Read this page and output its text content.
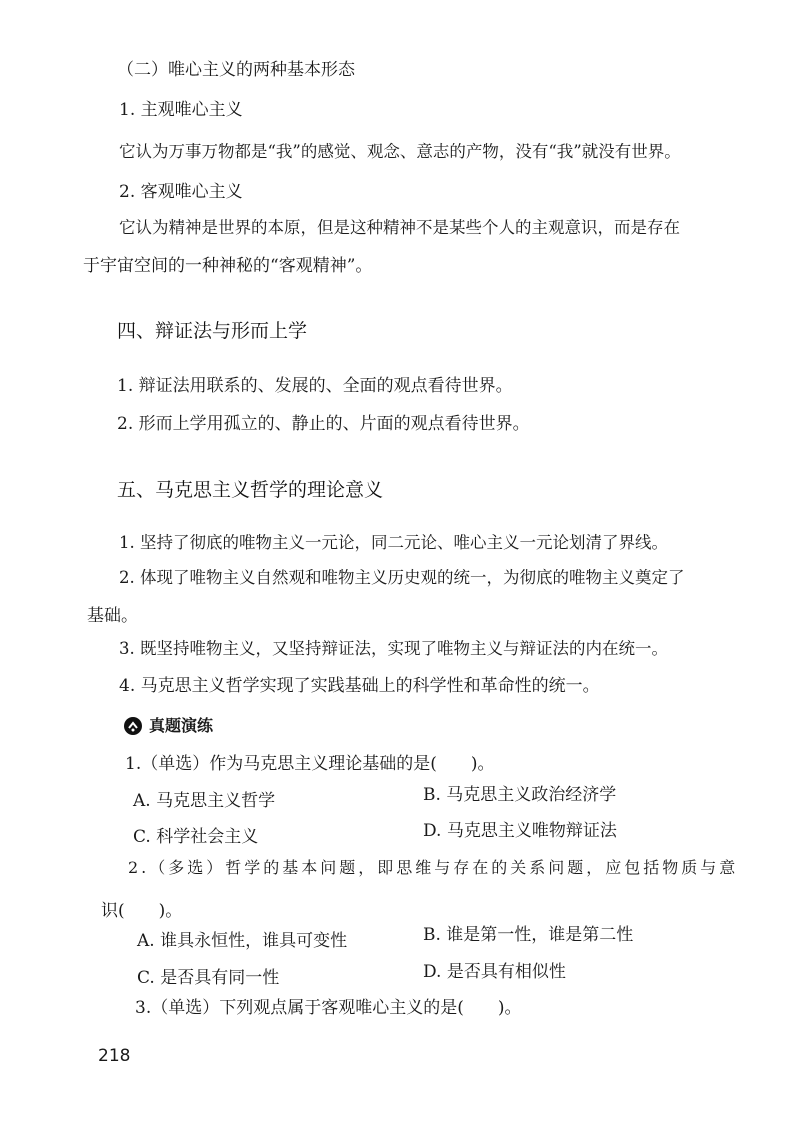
（二）唯心主义的两种基本形态
1. 主观唯心主义
它认为万事万物都是“我”的感觉、观念、意志的产物，没有“我”就没有世界。
2. 客观唯心主义
它认为精神是世界的本原，但是这种精神不是某些个人的主观意识，而是存在
于宇宙空间的一种神秘的“客观精神”。
四、辩证法与形而上学
1. 辩证法用联系的、发展的、全面的观点看待世界。
2. 形而上学用孤立的、静止的、片面的观点看待世界。
五、马克思主义哲学的理论意义
1. 坚持了彻底的唯物主义一元论，同二元论、唯心主义一元论划清了界线。
2. 体现了唯物主义自然观和唯物主义历史观的统一，为彻底的唯物主义奠定了
基础。
3. 既坚持唯物主义，又坚持辩证法，实现了唯物主义与辩证法的内在统一。
4. 马克思主义哲学实现了实践基础上的科学性和革命性的统一。
真题演练
1.（单选）作为马克思主义理论基础的是(　　)。
A. 马克思主义哲学	B. 马克思主义政治经济学
C. 科学社会主义	D. 马克思主义唯物辩证法
2.（多选）哲学的基本问题，即思维与存在的关系问题，应包括物质与意
识(　　)。
A. 谁具永恒性，谁具可变性	B. 谁是第一性，谁是第二性
C. 是否具有同一性	D. 是否具有相似性
3.（单选）下列观点属于客观唯心主义的是(　　)。
218
